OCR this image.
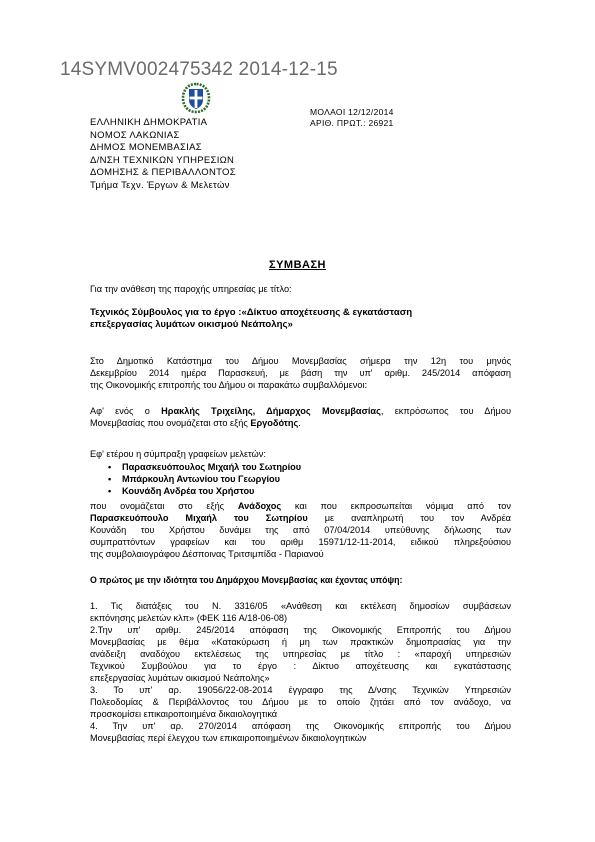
14SYMV002475342 2014-12-15
ΕΛΛΗΝΙΚΗ ΔΗΜΟΚΡΑΤΙΑ
ΝΟΜΟΣ ΛΑΚΩΝΙΑΣ
ΔΗΜΟΣ ΜΟΝΕΜΒΑΣΙΑΣ
Δ/ΝΣΗ ΤΕΧΝΙΚΩΝ ΥΠΗΡΕΣΙΩΝ
ΔΟΜΗΣΗΣ & ΠΕΡΙΒΑΛΛΟΝΤΟΣ
Τμήμα Τεχν. Έργων & Μελετών
ΜΟΛΑΟΙ 12/12/2014
ΑΡΙΘ. ΠΡΩΤ.: 26921
ΣΥΜΒΑΣΗ
Για την ανάθεση της παροχής υπηρεσίας με τίτλο:
Τεχνικός Σύμβουλος για το έργο :«Δίκτυο αποχέτευσης & εγκατάσταση
επεξεργασίας λυμάτων οικισμού Νεάπολης»
Στο Δημοτικό Κατάστημα του Δήμου Μονεμβασίας σήμερα την 12η του μηνός
Δεκεμβρίου 2014 ημέρα Παρασκευή, με βάση την υπ' αριθμ. 245/2014 απόφαση
της Οικονομικής επιτροπής του Δήμου οι παρακάτω συμβαλλόμενοι:
Αφ' ενός ο Ηρακλής Τριχείλης, Δήμαρχος Μονεμβασίας, εκπρόσωπος του Δήμου
Μονεμβασίας που ονομάζεται στο εξής Εργοδότης.
Εφ' ετέρου η σύμπραξη γραφείων μελετών:
• Παρασκευόπουλος Μιχαήλ του Σωτηρίου
• Μπάρκουλη Αντωνίου του Γεωργίου
• Κουνάδη Ανδρέα του Χρήστου
που ονομάζεται στο εξής Ανάδοχος και που εκπροσωπείται νόμιμα από τον
Παρασκευόπουλο Μιχαήλ του Σωτηρίου με αναπληρωτή του τον Ανδρέα
Κουνάδη του Χρήστου δυνάμει της από 07/04/2014 υπεύθυνης δήλωσης των
συμπραττόντων γραφείων και του αριθμ 15971/12-11-2014, ειδικού πληρεξούσιου
της συμβολαιογράφου Δέσποινας Τριτσιμπίδα - Παριανού
Ο πρώτος με την ιδιότητα του Δημάρχου Μονεμβασίας και έχοντας υπόψη:
1. Τις διατάξεις του Ν. 3316/05 «Ανάθεση και εκτέλεση δημοσίων συμβάσεων
εκπόνησης μελετών κλπ» (ΦΕΚ 116 Α/18-06-08)
2.Την υπ' αριθμ. 245/2014 απόφαση της Οικονομικής Επιτροπής του Δήμου
Μονεμβασίας με θέμα «Κατακύρωση ή μη των πρακτικών δημοπρασίας για την
ανάδειξη αναδόχου εκτελέσεως της υπηρεσίας με τίτλο : «παροχή υπηρεσιών
Τεχνικού Συμβούλου για το έργο : Δίκτυο αποχέτευσης και εγκατάστασης
επεξεργασίας λυμάτων οικισμού Νεάπολης»
3. Το υπ' αρ. 19056/22-08-2014 έγγραφο της Δ/νσης Τεχνικών Υπηρεσιών
Πολεοδομίας & Περιβάλλοντος του Δήμου με το οποίο ζητάει από τον ανάδοχο, να
προσκομίσει επικαιροποιημένα δικαιολογητικά
4. Την υπ' αρ. 270/2014 απόφαση της Οικονομικής επιτροπής του Δήμου
Μονεμβασίας περί έλεγχου των επικαιροποιημένων δικαιολογητικών
